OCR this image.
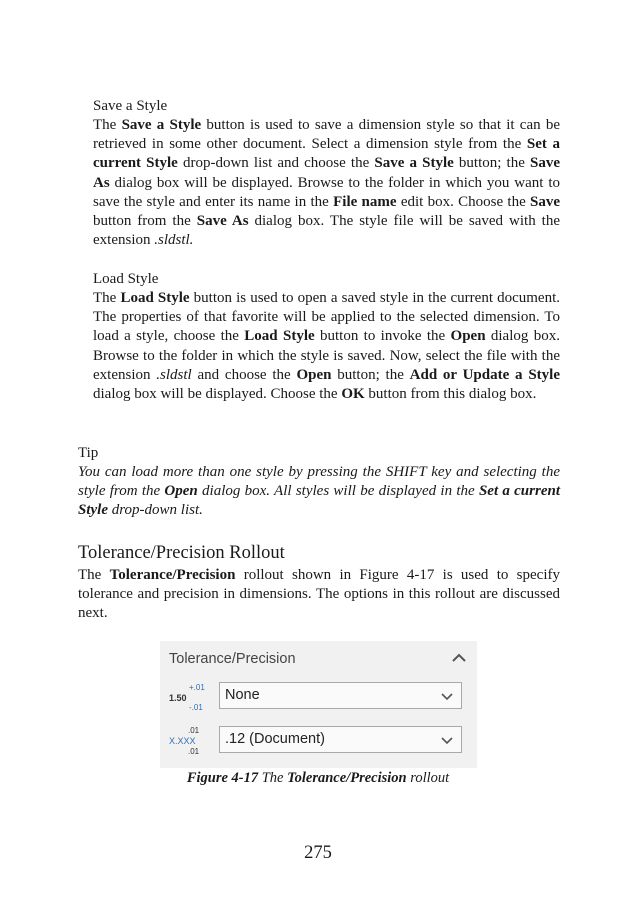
Save a Style

The Save a Style button is used to save a dimension style so that it can be retrieved in some other document. Select a dimension style from the Set a current Style drop-down list and choose the Save a Style button; the Save As dialog box will be displayed. Browse to the folder in which you want to save the style and enter its name in the File name edit box. Choose the Save button from the Save As dialog box. The style file will be saved with the extension .sldstl.

Load Style

The Load Style button is used to open a saved style in the current document. The properties of that favorite will be applied to the selected dimension. To load a style, choose the Load Style button to invoke the Open dialog box. Browse to the folder in which the style is saved. Now, select the file with the extension .sldstl and choose the Open button; the Add or Update a Style dialog box will be displayed. Choose the OK button from this dialog box.

Tip

You can load more than one style by pressing the SHIFT key and selecting the style from the Open dialog box. All styles will be displayed in the Set a current Style drop-down list.

Tolerance/Precision Rollout

The Tolerance/Precision rollout shown in Figure 4-17 is used to specify tolerance and precision in dimensions. The options in this rollout are discussed next.

Tolerance/Precision
+.01
1.50
-.01
None
.01
X.XXX
.01
.12 (Document)
Figure 4-17 The Tolerance/Precision rollout
275
